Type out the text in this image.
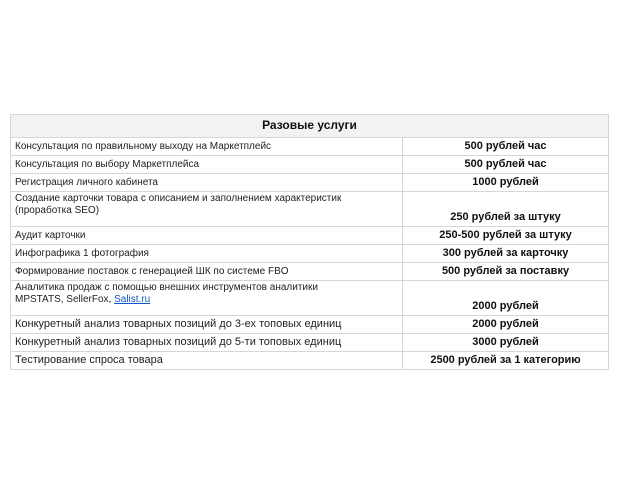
Разовые услуги	
Консультация по правильному выходу на Маркетплейс	500 рублей час
Консультация по выбору Маркетплейса	500 рублей час
Регистрация личного кабинета	1000 рублей

Создание карточки товара с описанием и заполнением характеристик
(проработка SEO)	250 рублей за штуку
Аудит карточки	250-500 рублей за штуку
Инфографика 1 фотография	300 рублей за карточку
Формирование поставок с генерацией ШК по системе FBO	500 рублей за поставку

Аналитика продаж с помощью внешних инструментов аналитики
MPSTATS, SellerFox, Salist.ru	2000 рублей
Конкуретный анализ товарных позиций до 3-ех топовых единиц	2000 рублей
Конкуретный анализ товарных позиций до 5-ти топовых единиц	3000 рублей
Тестирование спроса товара	2500 рублей за 1 категорию
